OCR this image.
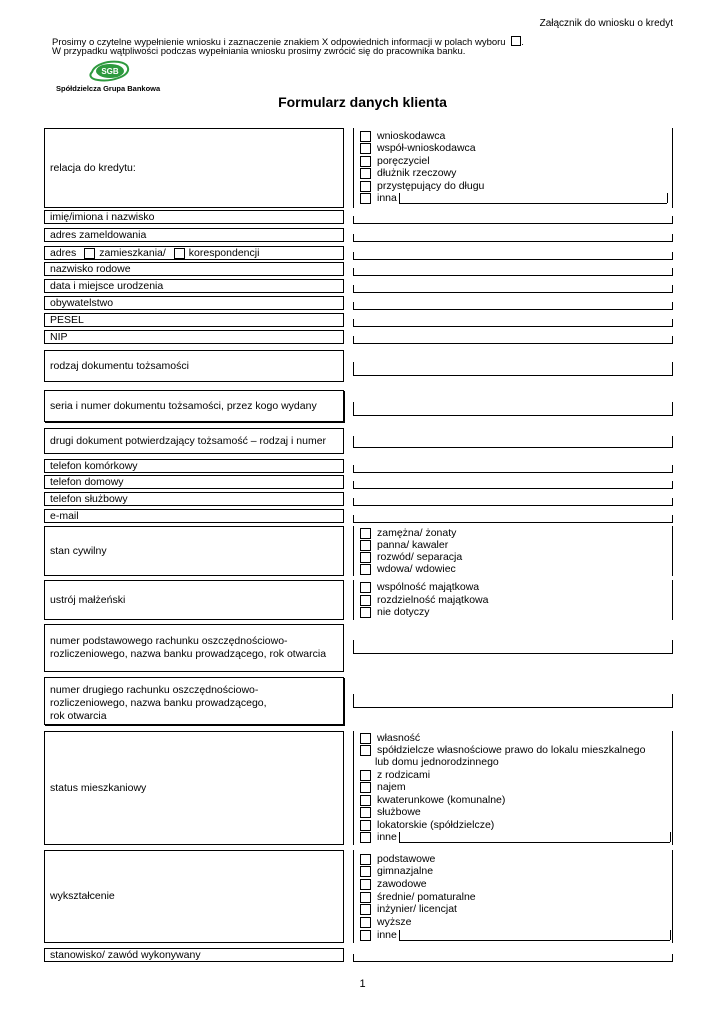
Załącznik do wniosku o kredyt
Prosimy o czytelne wypełnienie wniosku i zaznaczenie znakiem X odpowiednich informacji w polach wyboru .
W przypadku wątpliwości podczas wypełniania wniosku prosimy zwrócić się do pracownika banku.
SGB
Spółdzielcza Grupa Bankowa
Formularz danych klienta
relacja do kredytu:
wnioskodawca
współ-wnioskodawca
poręczyciel
dłużnik rzeczowy
przystępujący do długu
inna
imię/imiona i nazwisko
adres zameldowania
adres zamieszkania/ korespondencji
nazwisko rodowe
data i miejsce urodzenia
obywatelstwo
PESEL
NIP
rodzaj dokumentu tożsamości
seria i numer dokumentu tożsamości, przez kogo wydany
drugi dokument potwierdzający tożsamość – rodzaj i numer
telefon komórkowy
telefon domowy
telefon służbowy
e-mail
stan cywilny
zamężna/ żonaty
panna/ kawaler
rozwód/ separacja
wdowa/ wdowiec
ustrój małżeński
wspólność majątkowa
rozdzielność majątkowa
nie dotyczy
numer podstawowego rachunku oszczędnościowo-
rozliczeniowego, nazwa banku prowadzącego, rok otwarcia
numer drugiego rachunku oszczędnościowo-
rozliczeniowego, nazwa banku prowadzącego,
rok otwarcia
status mieszkaniowy
własność
spółdzielcze własnościowe prawo do lokalu mieszkalnego
lub domu jednorodzinnego
z rodzicami
najem
kwaterunkowe (komunalne)
służbowe
lokatorskie (spółdzielcze)
inne
wykształcenie
podstawowe
gimnazjalne
zawodowe
średnie/ pomaturalne
inżynier/ licencjat
wyższe
inne
stanowisko/ zawód wykonywany
1
